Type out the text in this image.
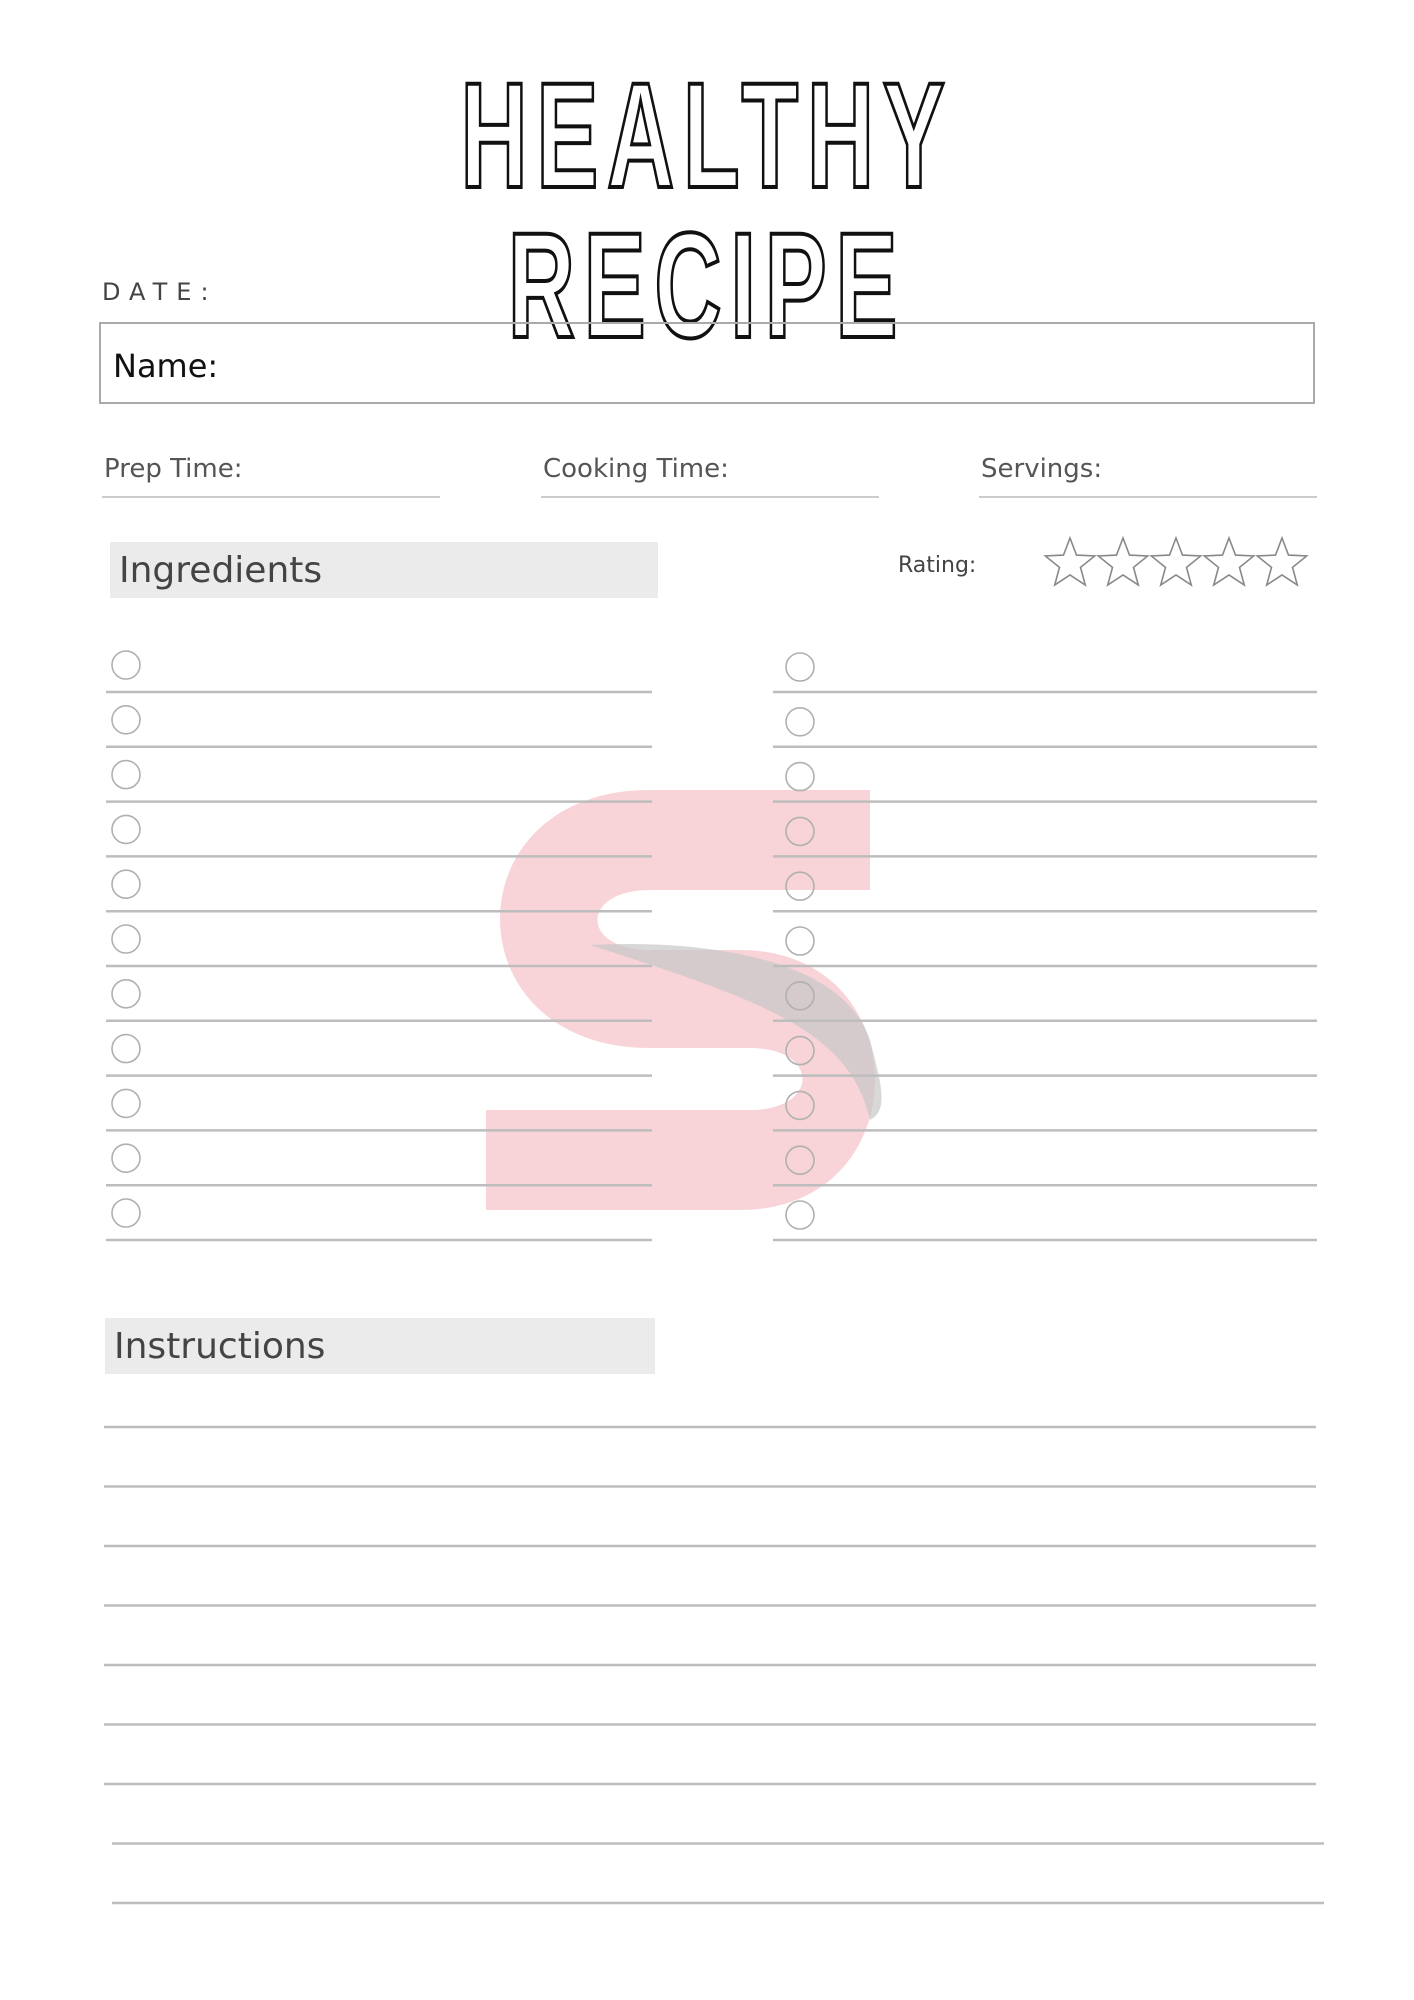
HEALTHY RECIPE
DATE:
Name:
Prep Time:	Cooking Time:	Servings:
Ingredients	Rating:
Instructions
